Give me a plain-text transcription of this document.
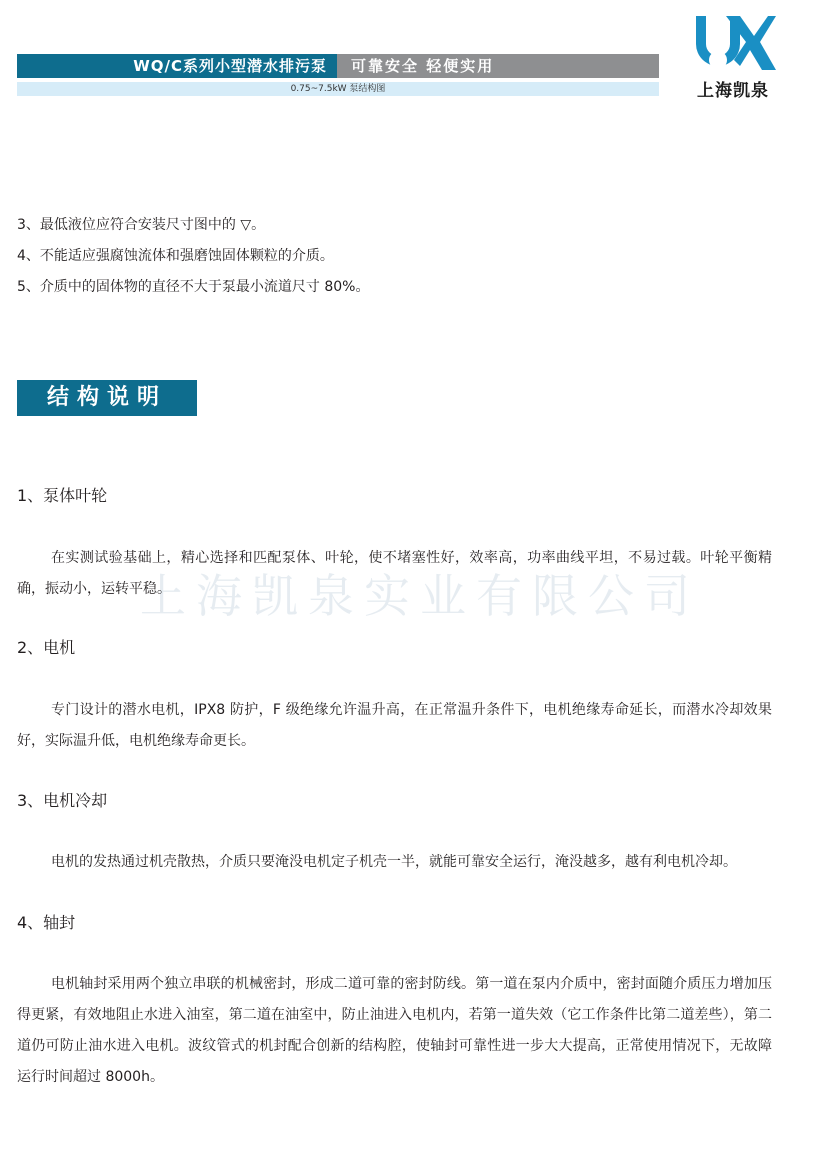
WQ/C系列小型潜水排污泵	可靠安全 轻便实用
0.75~7.5kW 泵结构图	上海凯泉
3、最低液位应符合安装尺寸图中的 ▽。
4、不能适应强腐蚀流体和强磨蚀固体颗粒的介质。
5、介质中的固体物的直径不大于泵最小流道尺寸 80%。
结构说明
上海凯泉实业有限公司
1、泵体叶轮
在实测试验基础上，精心选择和匹配泵体、叶轮，使不堵塞性好，效率高，功率曲线平坦，不易过载。叶轮平衡精确，振动小，运转平稳。
2、电机
专门设计的潜水电机，IPX8 防护，F 级绝缘允许温升高，在正常温升条件下，电机绝缘寿命延长，而潜水冷却效果好，实际温升低，电机绝缘寿命更长。
3、电机冷却
电机的发热通过机壳散热，介质只要淹没电机定子机壳一半，就能可靠安全运行，淹没越多，越有利电机冷却。
4、轴封
电机轴封采用两个独立串联的机械密封，形成二道可靠的密封防线。第一道在泵内介质中，密封面随介质压力增加压得更紧，有效地阻止水进入油室，第二道在油室中，防止油进入电机内，若第一道失效（它工作条件比第二道差些），第二道仍可防止油水进入电机。波纹管式的机封配合创新的结构腔，使轴封可靠性进一步大大提高，正常使用情况下，无故障运行时间超过 8000h。
